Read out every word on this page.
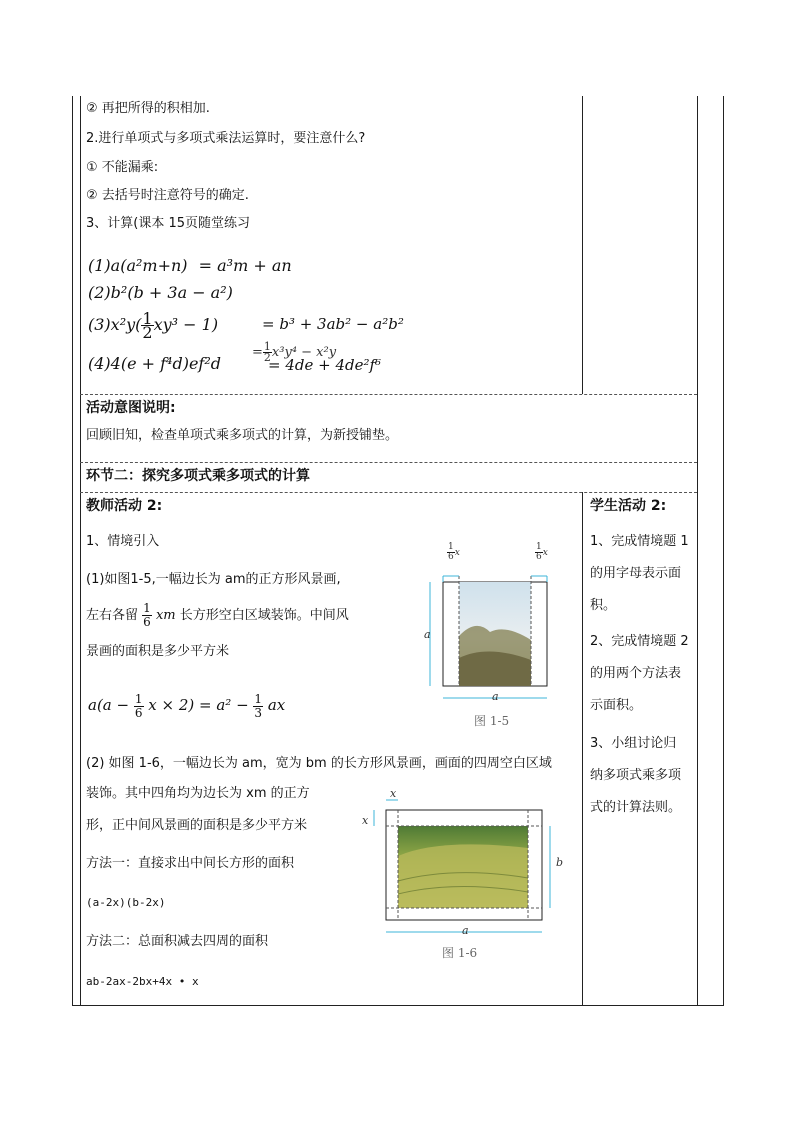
② 再把所得的积相加.
2.进行单项式与多项式乘法运算时，要注意什么?
① 不能漏乘:
② 去括号时注意符号的确定.
3、计算(课本 15页随堂练习
(1)a(a²m+n) = a³m + an
(2)b²(b + 3a − a²)
$(3)x^2y( \frac{1}{2} xy^3 - 1)$	= b³ + 3ab² − a²b²
(4)4(e + f⁴d)ef²d
= $\frac{1}{2} x^3y^4 - x^2y$
= 4de + 4de²f⁶
活动意图说明:
回顾旧知，检查单项式乘多项式的计算，为新授铺垫。
环节二：探究多项式乘多项式的计算
教师活动 2:
1、情境引入
(1)如图1-5,一幅边长为 am的正方形风景画,
左右各留 $\frac{1}{6}$ xm 长方形空白区域装饰。中间风
景画的面积是多少平方米
$a(a - \frac{1}{6}$ $x \times 2) = a^2 - \frac{1}{3}$ ax
(2) 如图 1-6，一幅边长为 am，宽为 bm 的长方形风景画，画面的四周空白区域
装饰。其中四角均为边长为 xm 的正方
形，正中间风景画的面积是多少平方米
方法一：直接求出中间长方形的面积
(a-2x)(b-2x)
方法二：总面积减去四周的面积
ab-2ax-2bx+4x • x
学生活动 2:
1、完成情境题 1
的用字母表示面
积。
2、完成情境题 2
的用两个方法表
示面积。
3、小组讨论归
纳多项式乘多项
式的计算法则。
$\frac{1}{6}$ x	$\frac{1}{6}$ x
a
a
图 1-5
x
x
b
a
图 1-6
